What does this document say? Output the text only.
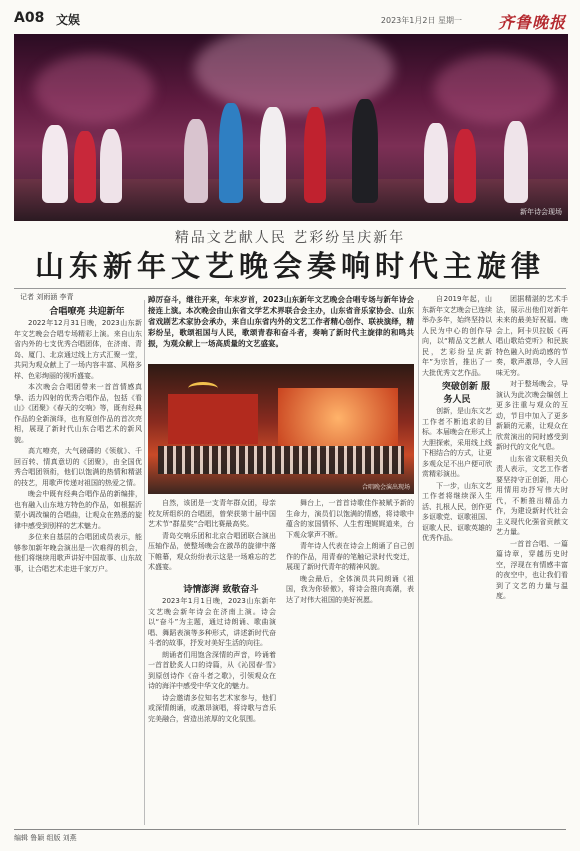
A08 文娱	2023年1月2日 星期一 齐鲁晚报
新年诗会现场
精品文艺献人民 艺彩纷呈庆新年
山东新年文艺晚会奏响时代主旋律
记者 刘雨涵 李青

合唱嘹亮 共迎新年

2022年12月31日晚，2023山东新年文艺晚会合唱专场精彩上演。来自山东省内外的七支优秀合唱团体，在济南、青岛、厦门、北京通过线上方式汇聚一堂，共同为观众献上了一场内容丰富、风格多样、色彩绚丽的视听盛宴。

本次晚会合唱团带来一首首情感真挚、活力四射的优秀合唱作品，包括《看山》《团聚》《春天的交响》等，既有经典作品的全新演绎，也有原创作品的首次亮相，展现了新时代山东合唱艺术的新风貌。

高亢嘹亮，大气磅礴的《领航》、千回百转、情真意切的《团聚》，由全国优秀合唱团领衔，他们以饱满的热情和精湛的技艺，用歌声传递对祖国的热爱之情。

晚会中既有经典合唱作品的新编排，也有融入山东地方特色的作品，如根据沂蒙小调改编的合唱曲，让观众在熟悉的旋律中感受到别样的艺术魅力。

多位来自基层的合唱团成员表示，能够参加新年晚会演出是一次难得的机会，他们将继续用歌声讲好中国故事、山东故事，让合唱艺术走进千家万户。

踔厉奋斗，继往开来，年末岁首，2023山东新年文艺晚会合唱专场与新年诗会接连上演。本次晚会由山东省文学艺术界联合会主办，山东省音乐家协会、山东省戏剧艺术家协会承办，来自山东省内外的文艺工作者精心创作、联袂演绎，精彩纷呈，歌颂祖国与人民，歌颂青春和奋斗者，奏响了新时代主旋律的和鸣共振，为观众献上一场高质量的文艺盛宴。
合唱晚会演出现场

自然，该团是一支青年群众团，母亲校友所组织的合唱团，曾荣获第十届中国艺术节“群星奖”合唱比赛最高奖。

青岛交响乐团和北京合唱团联合演出压轴作品，使整场晚会在激昂的旋律中落下帷幕，观众纷纷表示这是一场难忘的艺术盛宴。

诗情澎湃 致敬奋斗

2023年1月1日晚，2023山东新年文艺晚会新年诗会在济南上演。诗会以“奋斗”为主题，通过诗朗诵、歌曲演唱、舞蹈表演等多种形式，讲述新时代奋斗者的故事，抒发对美好生活的向往。

朗诵者们用饱含深情的声音，吟诵着一首首脍炙人口的诗篇，从《沁园春·雪》到原创诗作《奋斗者之歌》，引领观众在诗的海洋中感受中华文化的魅力。

诗会邀请多位知名艺术家参与，他们或深情朗诵，或激昂演唱，将诗歌与音乐完美融合，营造出浓厚的文化氛围。

舞台上，一首首诗歌佳作被赋予新的生命力，演员们以饱满的情感，将诗歌中蕴含的家国情怀、人生哲理娓娓道来，台下观众掌声不断。

青年诗人代表在诗会上朗诵了自己创作的作品，用青春的笔触记录时代变迁，展现了新时代青年的精神风貌。

晚会最后，全体演员共同朗诵《祖国，我为你骄傲》，将诗会推向高潮，表达了对伟大祖国的美好祝愿。

自2019年起，山东新年文艺晚会已连续举办多年，始终坚持以人民为中心的创作导向，以“精品文艺献人民，艺彩纷呈庆新年”为宗旨，推出了一大批优秀文艺作品。

突破创新 服务人民

创新，是山东文艺工作者不断追求的目标。本届晚会在形式上大胆探索，采用线上线下相结合的方式，让更多观众足不出户便可欣赏精彩演出。

下一步，山东文艺工作者将继续深入生活、扎根人民，创作更多讴歌党、讴歌祖国、讴歌人民、讴歌英雄的优秀作品。

团据精湛的艺术手法，展示出他们对新年未来的最美好祝福。晚会上，阿卡贝拉版《再唱山歌给党听》和民族特色融入时尚动感的节奏，歌声激昂，令人回味无穷。

对于整场晚会，导演认为此次晚会编创上更多注重与观众的互动，节目中加入了更多新颖的元素，让观众在欣赏演出的同时感受到新时代的文化气息。

山东省文联相关负责人表示，文艺工作者要坚持守正创新，用心用情用功抒写伟大时代，不断推出精品力作，为建设新时代社会主义现代化强省贡献文艺力量。

一首首合唱、一篇篇诗章，穿越历史时空，浮现在有情感丰富的夜空中，也让我们看到了文艺的力量与温度。

编辑 鲁颖 组版 刘燕
